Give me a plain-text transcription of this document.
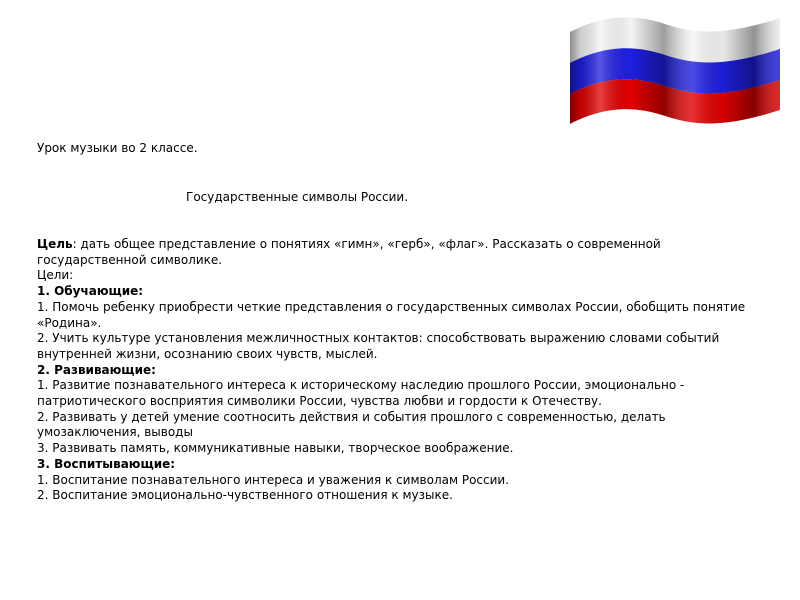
Урок музыки во 2 классе.
Государственные символы России.

Цель: дать общее представление о понятиях «гимн», «герб», «флаг». Рассказать о современной государственной символике.

Цели:

1. Обучающие:

1. Помочь ребенку приобрести четкие представления о государственных символах России, обобщить понятие «Родина».

2. Учить культуре установления межличностных контактов: способствовать выражению словами событий внутренней жизни, осознанию своих чувств, мыслей.

2. Развивающие:

1. Развитие познавательного интереса к историческому наследию прошлого России, эмоционально - патриотического восприятия символики России, чувства любви и гордости к Отечеству.

2. Развивать у детей умение соотносить действия и события прошлого с современностью, делать умозаключения, выводы

3. Развивать память, коммуникативные навыки, творческое воображение.

3. Воспитывающие:

1. Воспитание познавательного интереса и уважения к символам России.

2. Воспитание эмоционально-чувственного отношения к музыке.
